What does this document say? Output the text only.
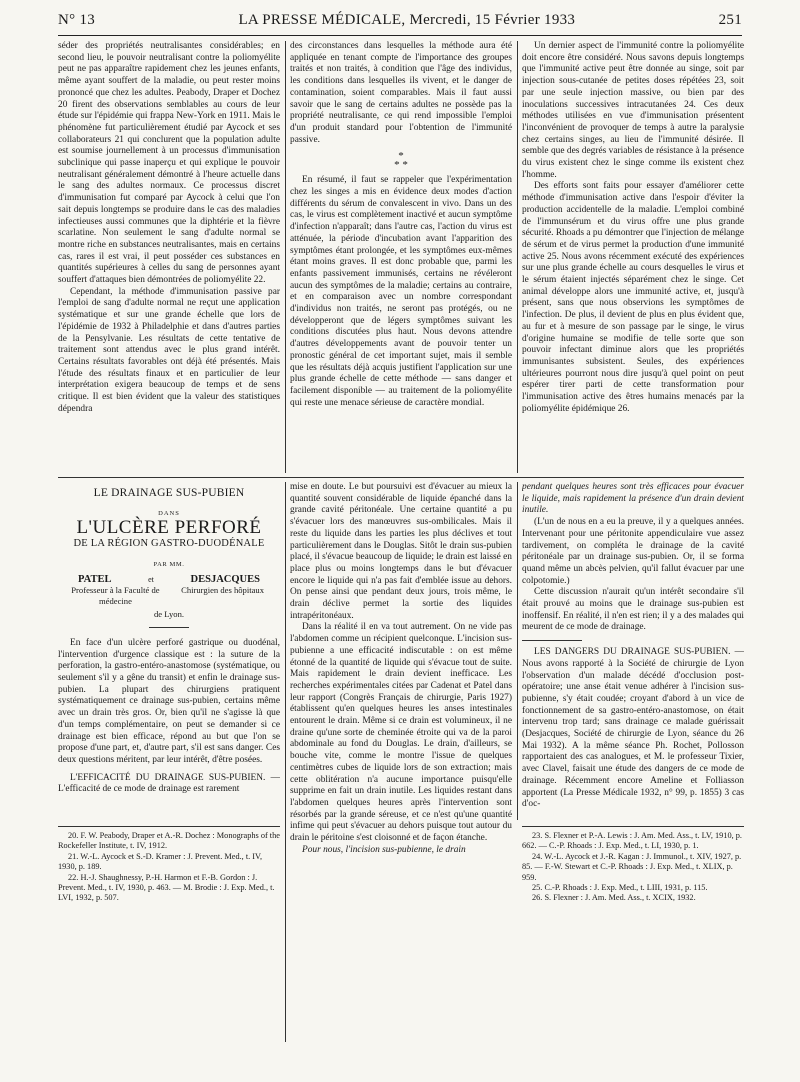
N° 13	LA PRESSE MÉDICALE, Mercredi, 15 Février 1933	251

séder des propriétés neutralisantes considérables; en second lieu, le pouvoir neutralisant contre la poliomyélite peut ne pas apparaître rapidement chez les jeunes enfants, même ayant souffert de la maladie, ou peut rester moins prononcé que chez les adultes. Peabody, Draper et Dochez 20 firent des observations semblables au cours de leur étude sur l'épidémie qui frappa New-York en 1911. Mais le phénomène fut particulièrement étudié par Aycock et ses collaborateurs 21 qui conclurent que la population adulte est soumise journellement à un processus d'immunisation subclinique qui passe inaperçu et qui explique le pouvoir neutralisant généralement démontré à l'heure actuelle dans le sang des adultes normaux. Ce processus discret d'immunisation fut comparé par Aycock à celui que l'on sait depuis longtemps se produire dans le cas des maladies infectieuses aussi communes que la diphtérie et la fièvre scarlatine. Non seulement le sang d'adulte normal se montre riche en substances neutralisantes, mais en certains cas, rares il est vrai, il peut posséder ces substances en quantités supérieures à celles du sang de personnes ayant souffert d'attaques bien démontrées de poliomyélite 22.

Cependant, la méthode d'immunisation passive par l'emploi de sang d'adulte normal ne reçut une application systématique et sur une grande échelle que lors de l'épidémie de 1932 à Philadelphie et dans d'autres parties de la Pensylvanie. Les résultats de cette tentative de traitement sont attendus avec le plus grand intérêt. Certains résultats favorables ont déjà été présentés. Mais l'étude des résultats finaux et en particulier de leur interprétation exigera beaucoup de temps et de sens critique. Il est bien évident que la valeur des statistiques dépendra

des circonstances dans lesquelles la méthode aura été appliquée en tenant compte de l'importance des groupes traités et non traités, à condition que l'âge des individus, les conditions dans lesquelles ils vivent, et le danger de contamination, soient comparables. Mais il faut aussi savoir que le sang de certains adultes ne possède pas la propriété neutralisante, ce qui rend impossible l'emploi d'un produit standard pour l'obtention de l'immunité passive.

*
* *

En résumé, il faut se rappeler que l'expérimentation chez les singes a mis en évidence deux modes d'action différents du sérum de convalescent in vivo. Dans un des cas, le virus est complètement inactivé et aucun symptôme d'infection n'apparaît; dans l'autre cas, l'action du virus est atténuée, la période d'incubation avant l'apparition des symptômes étant prolongée, et les symptômes eux-mêmes étant moins graves. Il est donc probable que, parmi les enfants passivement immunisés, certains ne révéleront aucun des symptômes de la maladie; certains au contraire, et en comparaison avec un nombre correspondant d'individus non traités, ne seront pas protégés, ou ne développeront que de légers symptômes suivant les conditions discutées plus haut. Nous devons attendre d'autres développements avant de pouvoir tenter un pronostic général de cet important sujet, mais il semble que les résultats déjà acquis justifient l'application sur une plus grande échelle de cette méthode — sans danger et facilement disponible — au traitement de la poliomyélite qui reste une menace sérieuse de caractère mondial.

Un dernier aspect de l'immunité contre la poliomyélite doit encore être considéré. Nous savons depuis longtemps que l'immunité active peut être donnée au singe, soit par injection sous-cutanée de petites doses répétées 23, soit par une seule injection massive, ou bien par des inoculations successives intracutanées 24. Ces deux méthodes utilisées en vue d'immunisation présentent l'inconvénient de provoquer de temps à autre la paralysie chez certains singes, au lieu de l'immunité désirée. Il semble que des degrés variables de résistance à la présence du virus existent chez le singe comme ils existent chez l'homme.

Des efforts sont faits pour essayer d'améliorer cette méthode d'immunisation active dans l'espoir d'éviter la production accidentelle de la maladie. L'emploi combiné de l'immunsérum et du virus offre une plus grande sécurité. Rhoads a pu démontrer que l'injection de mélange de sérum et de virus permet la production d'une immunité active 25. Nous avons récemment exécuté des expériences sur une plus grande échelle au cours desquelles le virus et le sérum étaient injectés séparément chez le singe. Cet animal développe alors une immunité active, et, jusqu'à présent, sans que nous observions les symptômes de l'infection. De plus, il devient de plus en plus évident que, au fur et à mesure de son passage par le singe, le virus d'origine humaine se modifie de telle sorte que son pouvoir infectant diminue alors que les propriétés immunisantes subsistent. Seules, des expériences ultérieures pourront nous dire jusqu'à quel point on peut espérer tirer parti de cette transformation pour l'immunisation active des êtres humains menacés par la poliomyélite épidémique 26.

LE DRAINAGE SUS-PUBIEN
DANS
L'ULCÈRE PERFORÉ
DE LA RÉGION GASTRO-DUODÉNALE
PAR MM.
PATEL	et	DESJACQUES
Professeur à la Faculté de médecine
Chirurgien des hôpitaux
de Lyon.

En face d'un ulcère perforé gastrique ou duodénal, l'intervention d'urgence classique est : la suture de la perforation, la gastro-entéro-anastomose (systématique, ou seulement s'il y a gêne du transit) et enfin le drainage sus-pubien. La plupart des chirurgiens pratiquent systématiquement ce drainage sus-pubien, certains même avec un drain très gros. Or, bien qu'il ne s'agisse là que d'un temps complémentaire, on peut se demander si ce drainage est bien efficace, répond au but que l'on se propose d'une part, et, d'autre part, s'il est sans danger. Ces deux questions méritent, par leur intérêt, d'être posées.

L'EFFICACITÉ DU DRAINAGE SUS-PUBIEN. — L'efficacité de ce mode de drainage est rarement

mise en doute. Le but poursuivi est d'évacuer au mieux la quantité souvent considérable de liquide épanché dans la grande cavité péritonéale. Une certaine quantité a pu s'évacuer lors des manœuvres sus-ombilicales. Mais il reste du liquide dans les parties les plus déclives et tout particulièrement dans le Douglas. Sitôt le drain sus-pubien placé, il s'évacue beaucoup de liquide; le drain est laissé en place plus ou moins longtemps dans le but d'évacuer encore le liquide qui n'a pas fait d'emblée issue au dehors. On pense ainsi que pendant deux jours, trois même, le drain déclive permet la sortie des liquides intrapéritonéaux.

Dans la réalité il en va tout autrement. On ne vide pas l'abdomen comme un récipient quelconque. L'incision sus-pubienne a une efficacité indiscutable : on est même étonné de la quantité de liquide qui s'évacue tout de suite. Mais rapidement le drain devient inefficace. Les recherches expérimentales citées par Cadenat et Patel dans leur rapport (Congrès Français de chirurgie, Paris 1927) établissent qu'en quelques heures les anses intestinales entourent le drain. Même si ce drain est volumineux, il ne draine qu'une sorte de cheminée étroite qui va de la paroi abdominale au fond du Douglas. Le drain, d'ailleurs, se bouche vite, comme le montre l'issue de quelques centimètres cubes de liquide lors de son extraction; mais cette oblitération n'a aucune importance puisqu'elle supprime en fait un drain inutile. Les liquides restant dans l'abdomen quelques heures après l'intervention sont résorbés par la grande séreuse, et ce n'est qu'une quantité infime qui peut s'évacuer au dehors puisque tout autour du drain le péritoine s'est cloisonné et de façon étanche.

Pour nous, l'incision sus-pubienne, le drain

pendant quelques heures sont très efficaces pour évacuer le liquide, mais rapidement la présence d'un drain devient inutile.

(L'un de nous en a eu la preuve, il y a quelques années. Intervenant pour une péritonite appendiculaire vue assez tardivement, on compléta le drainage de la cavité péritonéale par un drainage sus-pubien. Or, il se forma quand même un abcès pelvien, qu'il fallut évacuer par une colpotomie.)

Cette discussion n'aurait qu'un intérêt secondaire s'il était prouvé au moins que le drainage sus-pubien est inoffensif. En réalité, il n'en est rien; il y a des malades qui meurent de ce mode de drainage.

LES DANGERS DU DRAINAGE SUS-PUBIEN. — Nous avons rapporté à la Société de chirurgie de Lyon l'observation d'un malade décédé d'occlusion post-opératoire; une anse était venue adhérer à l'incision sus-pubienne, s'y était coudée; croyant d'abord à un vice de fonctionnement de sa gastro-entéro-anastomose, on était intervenu trop tard; sans drainage ce malade guérissait (Desjacques, Société de chirurgie de Lyon, séance du 26 Mai 1932). A la même séance Ph. Rochet, Pollosson rapportaient des cas analogues, et M. le professeur Tixier, avec Clavel, faisait une étude des dangers de ce mode de drainage. Récemment encore Ameline et Folliasson apportent (La Presse Médicale 1932, n° 99, p. 1855) 3 cas d'oc-

20. F. W. Peabody, Draper et A.-R. Dochez : Monographs of the Rockefeller Institute, t. IV, 1912.

21. W.-L. Aycock et S.-D. Kramer : J. Prevent. Med., t. IV, 1930, p. 189.

22. H.-J. Shaughnessy, P.-H. Harmon et F.-B. Gordon : J. Prevent. Med., t. IV, 1930, p. 463. — M. Brodie : J. Exp. Med., t. LVI, 1932, p. 507.

23. S. Flexner et P.-A. Lewis : J. Am. Med. Ass., t. LV, 1910, p. 662. — C.-P. Rhoads : J. Exp. Med., t. LI, 1930, p. 1.

24. W.-L. Aycock et J.-R. Kagan : J. Immunol., t. XIV, 1927, p. 85. — F.-W. Stewart et C.-P. Rhoads : J. Exp. Med., t. XLIX, p. 959.

25. C.-P. Rhoads : J. Exp. Med., t. LIII, 1931, p. 115.

26. S. Flexner : J. Am. Med. Ass., t. XCIX, 1932.
